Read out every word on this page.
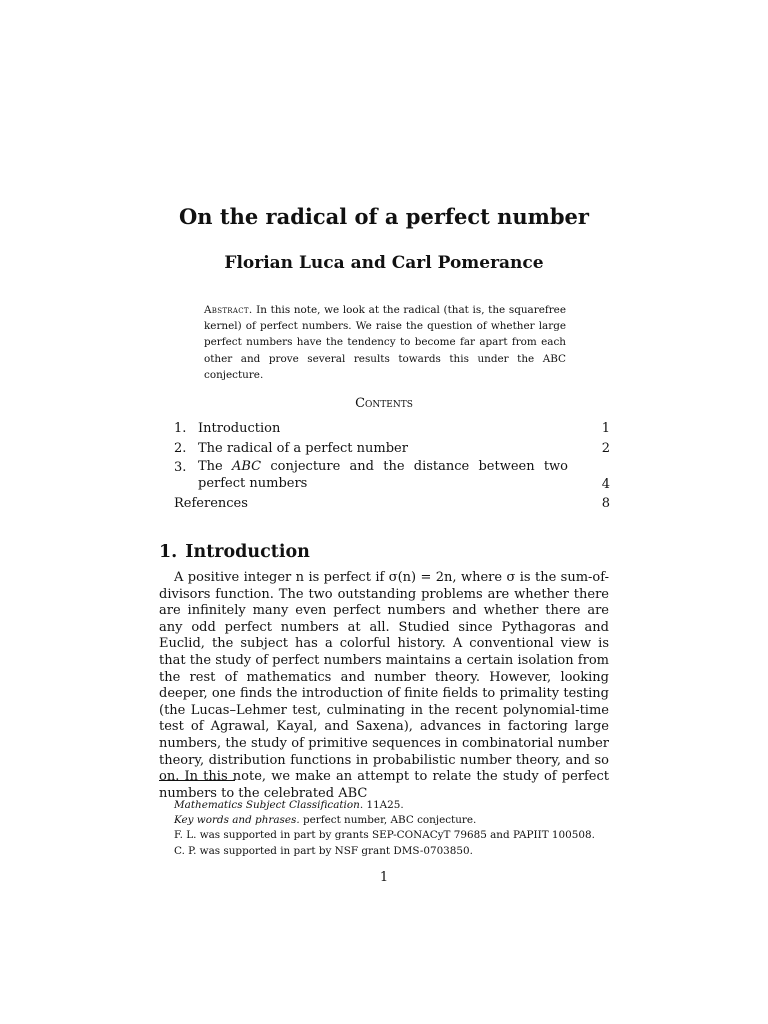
On the radical of a perfect number
Florian Luca and Carl Pomerance

Abstract. In this note, we look at the radical (that is, the squarefree kernel) of perfect numbers. We raise the question of whether large perfect numbers have the tendency to become far apart from each other and prove several results towards this under the ABC conjecture.

Contents
1. Introduction	1
2. The radical of a perfect number	2
3. The ABC conjecture and the distance between two perfect numbers	4
References	8
1. Introduction

A positive integer n is perfect if σ(n) = 2n, where σ is the sum-of-divisors function. The two outstanding problems are whether there are infinitely many even perfect numbers and whether there are any odd perfect numbers at all. Studied since Pythagoras and Euclid, the subject has a colorful history. A conventional view is that the study of perfect numbers maintains a certain isolation from the rest of mathematics and number theory. However, looking deeper, one finds the introduction of finite fields to primality testing (the Lucas–Lehmer test, culminating in the recent polynomial-time test of Agrawal, Kayal, and Saxena), advances in factoring large numbers, the study of primitive sequences in combinatorial number theory, distribution functions in probabilistic number theory, and so on. In this note, we make an attempt to relate the study of perfect numbers to the celebrated ABC

Mathematics Subject Classification. 11A25.
Key words and phrases. perfect number, ABC conjecture.
F. L. was supported in part by grants SEP-CONACyT 79685 and PAPIIT 100508.
C. P. was supported in part by NSF grant DMS-0703850.
1
